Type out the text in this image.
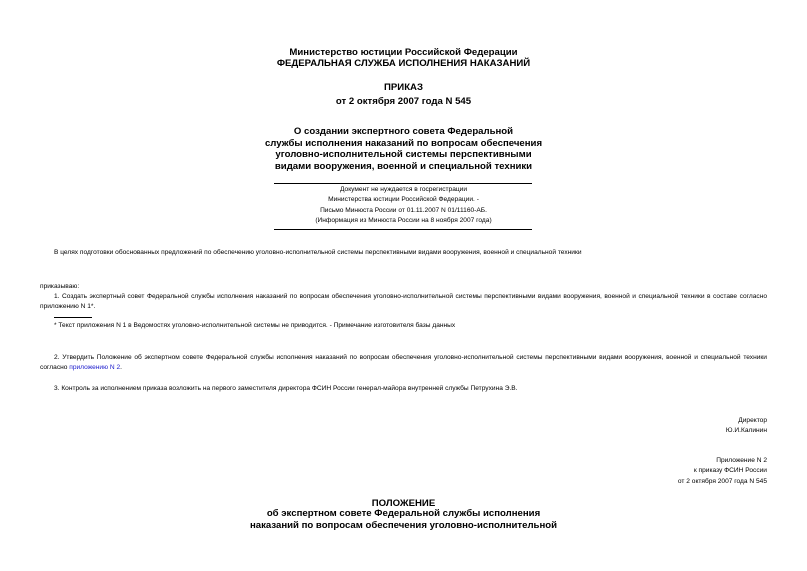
Министерство юстиции Российской Федерации
ФЕДЕРАЛЬНАЯ СЛУЖБА ИСПОЛНЕНИЯ НАКАЗАНИЙ
ПРИКАЗ
от 2 октября 2007 года N 545
О создании экспертного совета Федеральной
службы исполнения наказаний по вопросам обеспечения
уголовно-исполнительной системы перспективными
видами вооружения, военной и специальной техники
Документ не нуждается в госрегистрации
Министерства юстиции Российской Федерации. -
Письмо Минюста России от 01.11.2007 N 01/11160-АБ.
(Информация из Минюста России на 8 ноября 2007 года)
В целях подготовки обоснованных предложений по обеспечению уголовно-исполнительной системы перспективными видами вооружения, военной и специальной техники
приказываю:
1. Создать экспертный совет Федеральной службы исполнения наказаний по вопросам обеспечения уголовно-исполнительной системы перспективными видами вооружения, военной и специальной техники в составе согласно приложению N 1*.
* Текст приложения N 1 в Ведомостях уголовно-исполнительной системы не приводится. - Примечание изготовителя базы данных
2. Утвердить Положение об экспертном совете Федеральной службы исполнения наказаний по вопросам обеспечения уголовно-исполнительной системы перспективными видами вооружения, военной и специальной техники согласно приложению N 2.
3. Контроль за исполнением приказа возложить на первого заместителя директора ФСИН России генерал-майора внутренней службы Петрухина Э.В.
Директор
Ю.И.Калинин
Приложение N 2
к приказу ФСИН России
от 2 октября 2007 года N 545
ПОЛОЖЕНИЕ
об экспертном совете Федеральной службы исполнения
наказаний по вопросам обеспечения уголовно-исполнительной
